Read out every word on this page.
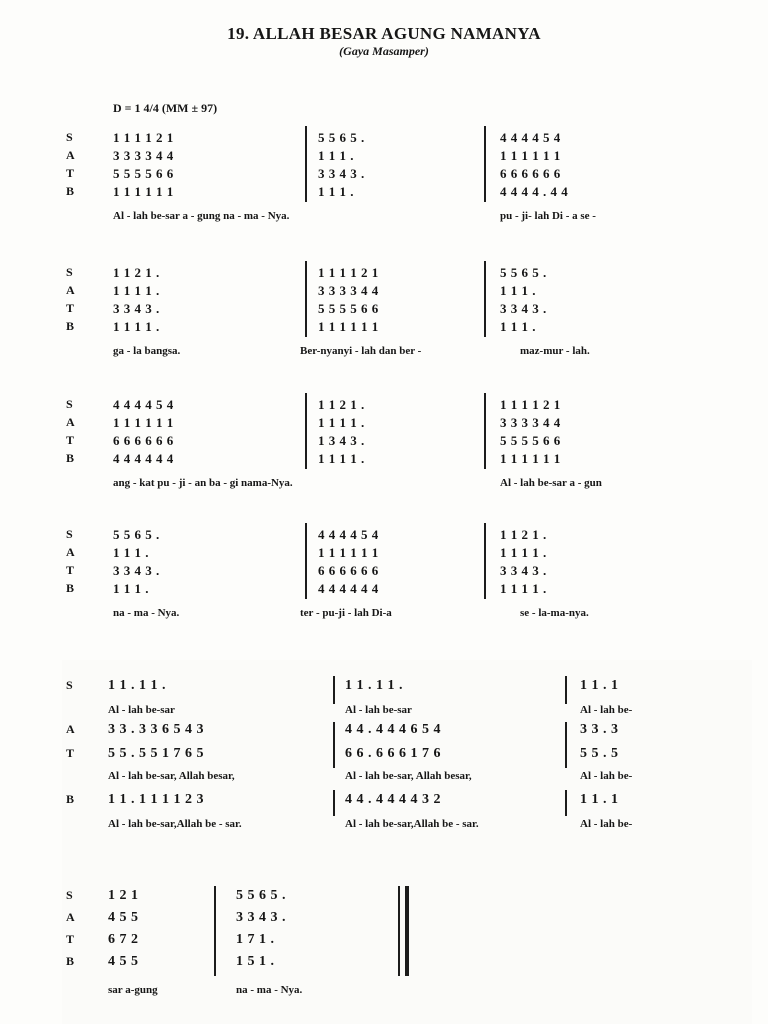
19. ALLAH BESAR AGUNG NAMANYA
(Gaya Masamper)
D = 1 4/4 (MM ± 97)
S	1 1 1 1 2 1	5 5 6 5 .	4 4 4 4 5 4
A	3 3 3 3 4 4	1 1 1 .	1 1 1 1 1 1
T	5 5 5 5 6 6	3 3 4 3 .	6 6 6 6 6 6
B	1 1 1 1 1 1	1 1 1 .	4 4 4 4 . 4 4
Al - lah be-sar a - gung na - ma - Nya.	pu - ji- lah Di - a se -
S	1 1 2 1 .	1 1 1 1 2 1	5 5 6 5 .
A	1 1 1 1 .	3 3 3 3 4 4	1 1 1 .
T	3 3 4 3 .	5 5 5 5 6 6	3 3 4 3 .
B	1 1 1 1 .	1 1 1 1 1 1	1 1 1 .
ga - la bangsa.	Ber-nyanyi - lah dan ber -	maz-mur - lah.
S	4 4 4 4 5 4	1 1 2 1 .	1 1 1 1 2 1
A	1 1 1 1 1 1	1 1 1 1 .	3 3 3 3 4 4
T	6 6 6 6 6 6	1 3 4 3 .	5 5 5 5 6 6
B	4 4 4 4 4 4	1 1 1 1 .	1 1 1 1 1 1
ang - kat pu - ji - an ba - gi nama-Nya.	Al - lah be-sar a - gun
S	5 5 6 5 .	4 4 4 4 5 4	1 1 2 1 .
A	1 1 1 .	1 1 1 1 1 1	1 1 1 1 .
T	3 3 4 3 .	6 6 6 6 6 6	3 3 4 3 .
B	1 1 1 .	4 4 4 4 4 4	1 1 1 1 .
na - ma - Nya.	ter - pu-ji - lah Di-a	se - la-ma-nya.
S	1 1 . 1 1 .	1 1 . 1 1 .	1 1 . 1
Al - lah be-sar	Al - lah be-sar	Al - lah be-
A 3 3 . 3 3 6 5 4 3	4 4 . 4 4 4 6 5 4	3 3 . 3
T 5 5 . 5 5 1 7 6 5	6 6 . 6 6 6 1 7 6	5 5 . 5
Al - lah be-sar, Allah besar,	Al - lah be-sar, Allah besar,	Al - lah be-
B 1 1 . 1 1 1 1 2 3	4 4 . 4 4 4 4 3 2	1 1 . 1
Al - lah be-sar,Allah be - sar.	Al - lah be-sar,Allah be - sar.	Al - lah be-
S	1 2 1	5 5 6 5 .
A 4 5 5	3 3 4 3 .
T 6 7 2	1 7 1 .
B 4 5 5	1 5 1 .
sar a-gung	na - ma - Nya.
